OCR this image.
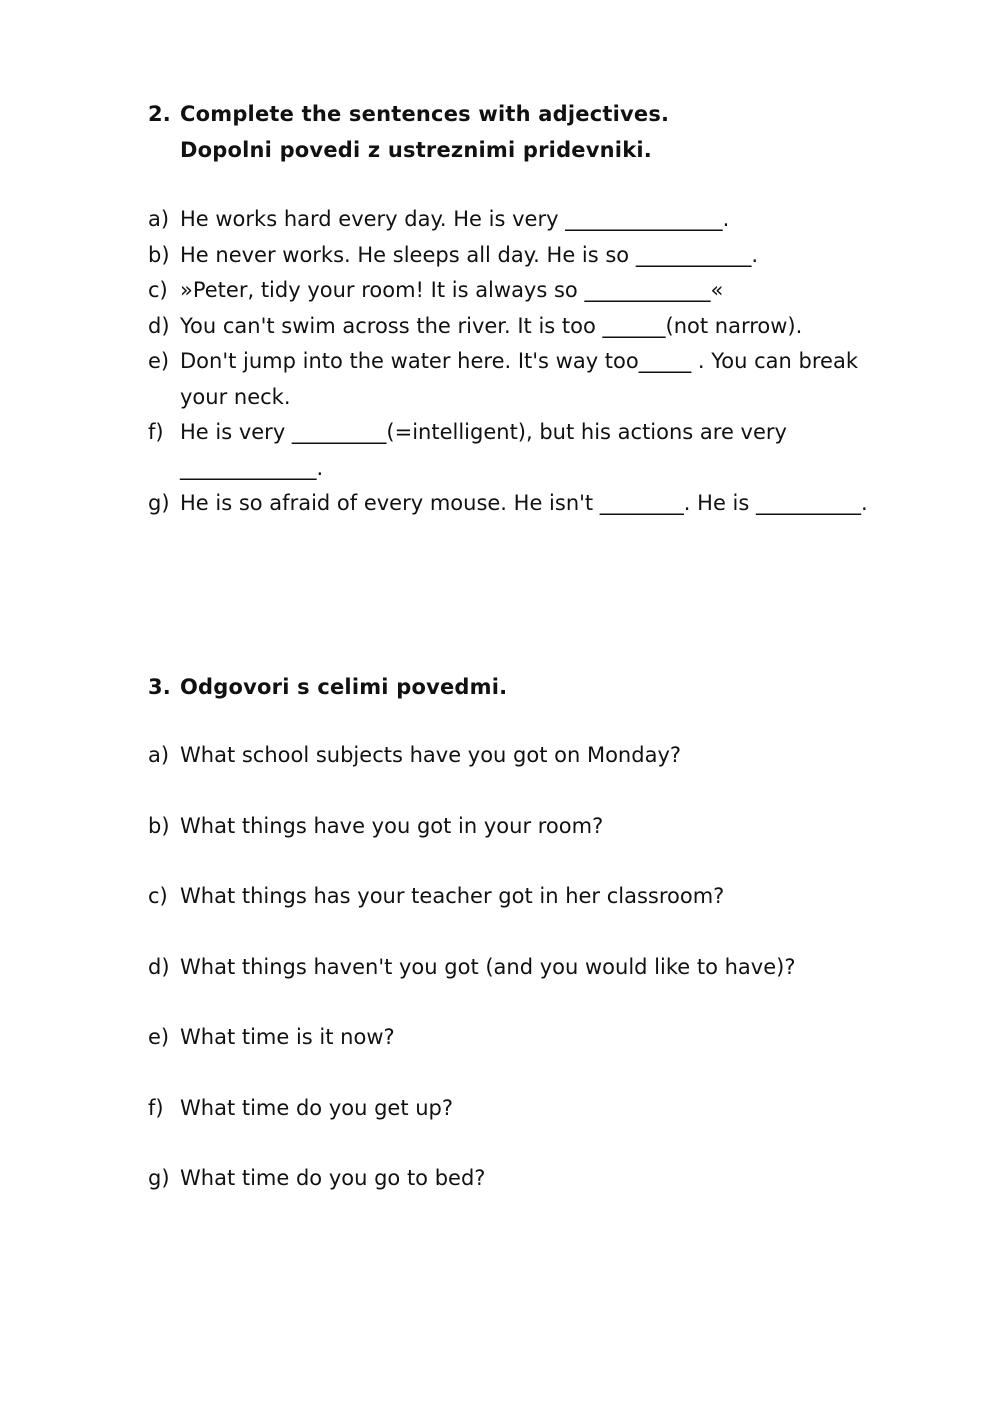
2. Complete the sentences with adjectives.
Dopolni povedi z ustreznimi pridevniki.
a) He works hard every day. He is very _______________.
b) He never works. He sleeps all day. He is so ___________.
c) »Peter, tidy your room! It is always so ____________«
d) You can't swim across the river. It is too ______(not narrow).
e) Don't jump into the water here. It's way too_____ . You can break your neck.
f) He is very _________(=intelligent), but his actions are very _____________.
g) He is so afraid of every mouse. He isn't ________. He is __________.
3. Odgovori s celimi povedmi.
a) What school subjects have you got on Monday?
b) What things have you got in your room?
c) What things has your teacher got in her classroom?
d) What things haven't you got (and you would like to have)?
e) What time is it now?
f) What time do you get up?
g) What time do you go to bed?
